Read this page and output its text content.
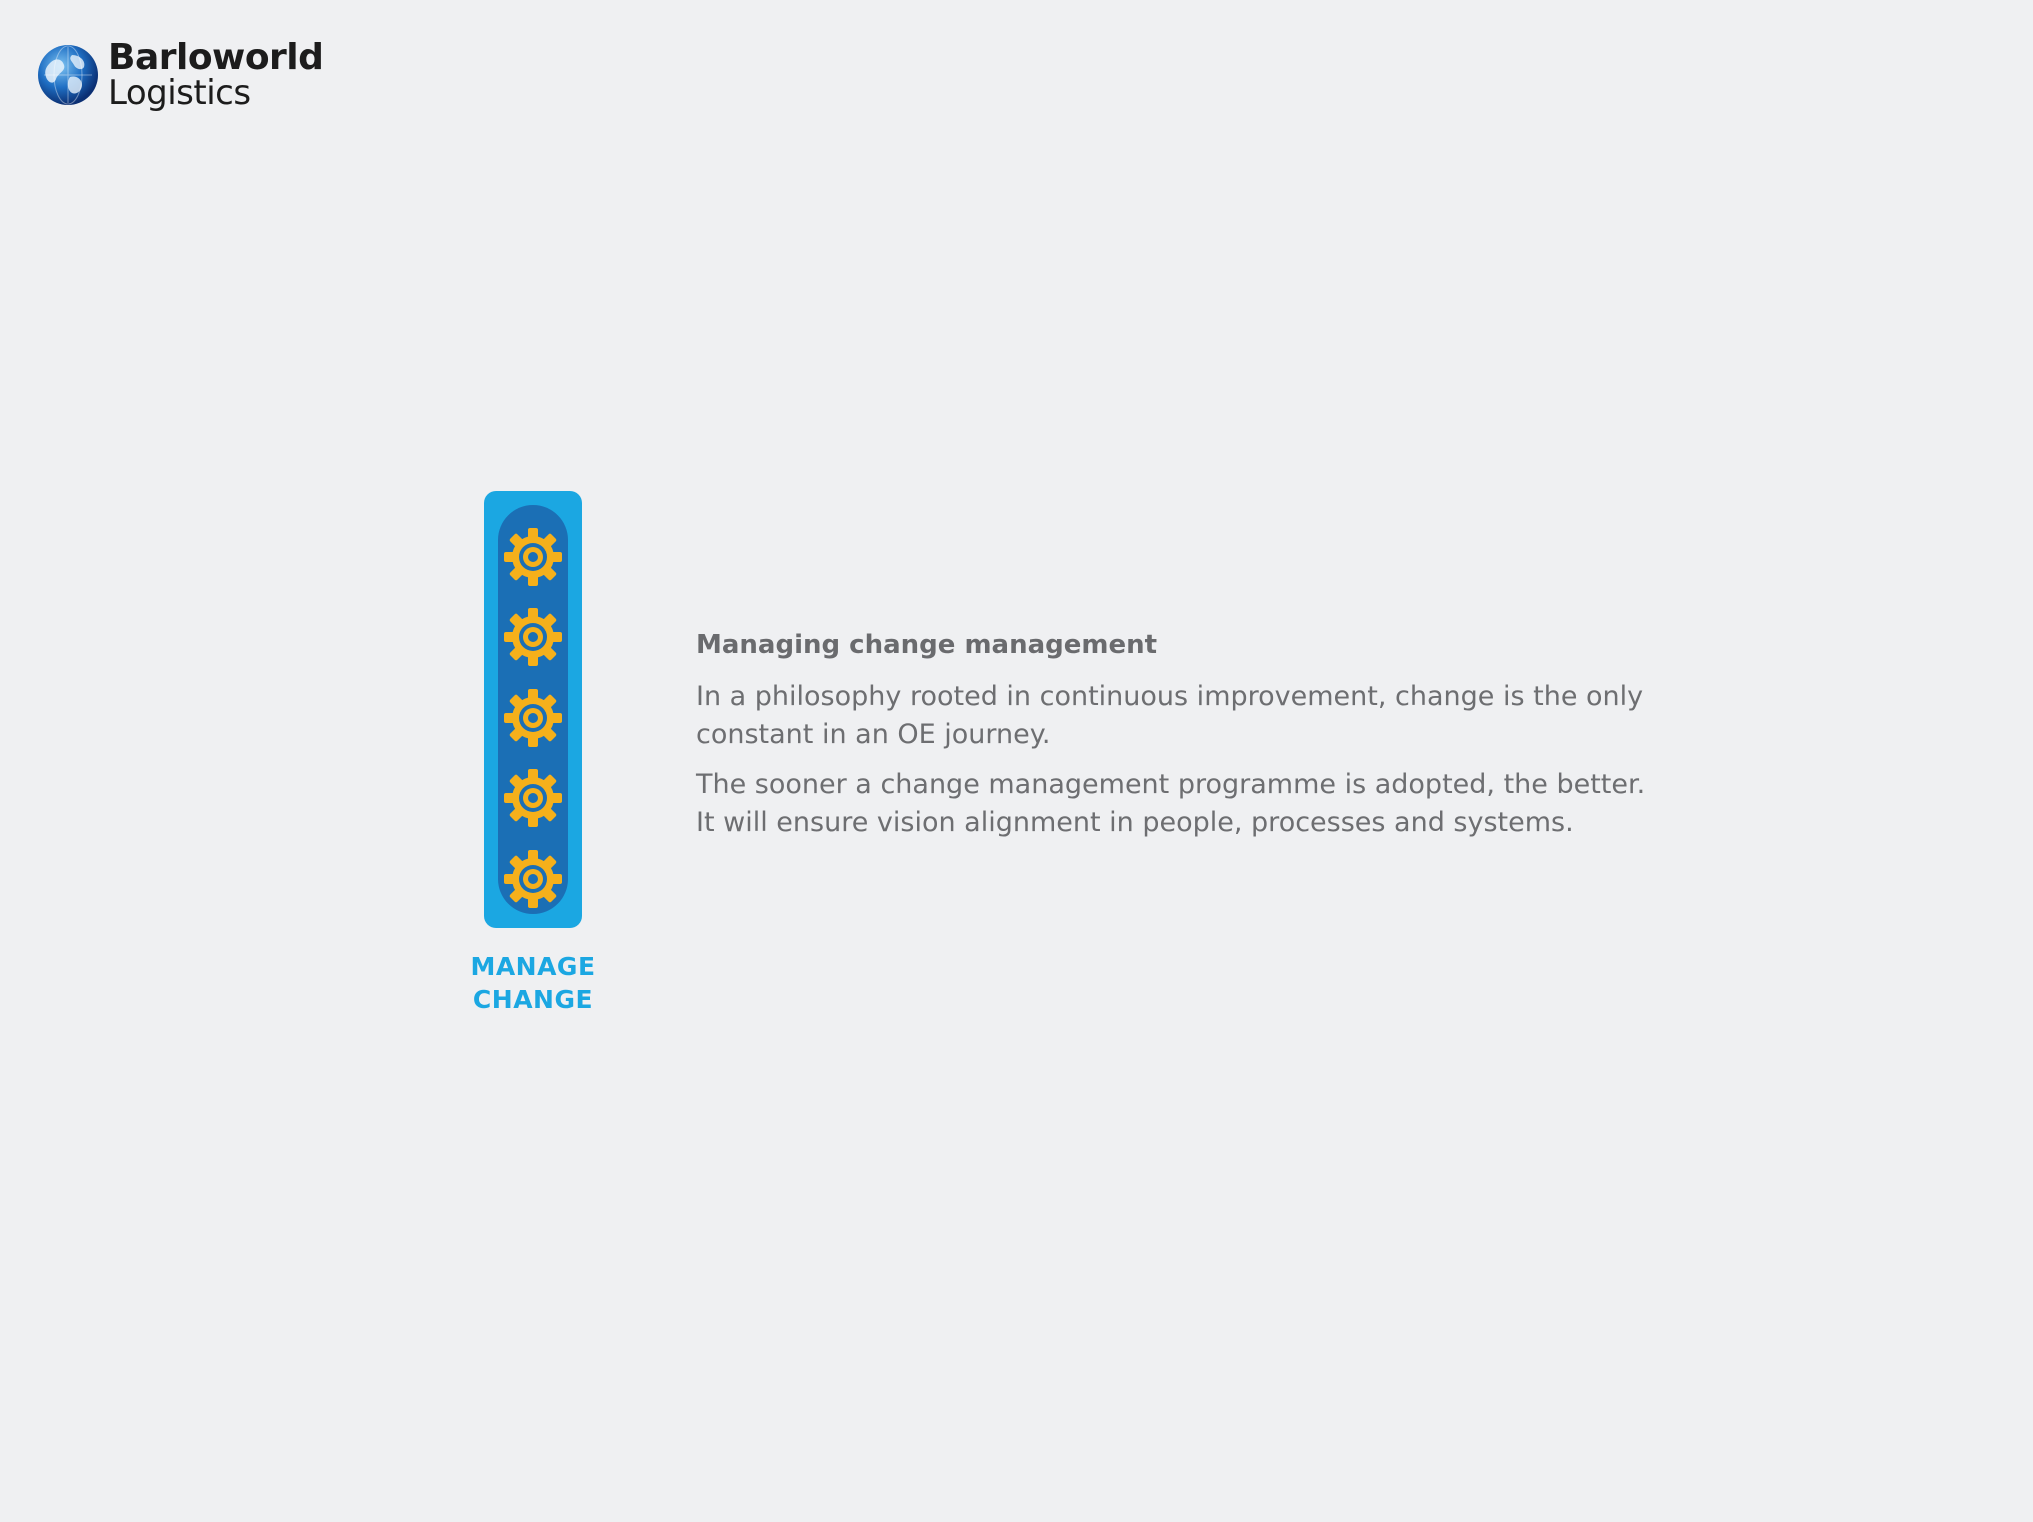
Barloworld
Logistics
MANAGE
CHANGE
Managing change management

In a philosophy rooted in continuous improvement, change is the only constant in an OE journey.

The sooner a change management programme is adopted, the better. It will ensure vision alignment in people, processes and systems.
